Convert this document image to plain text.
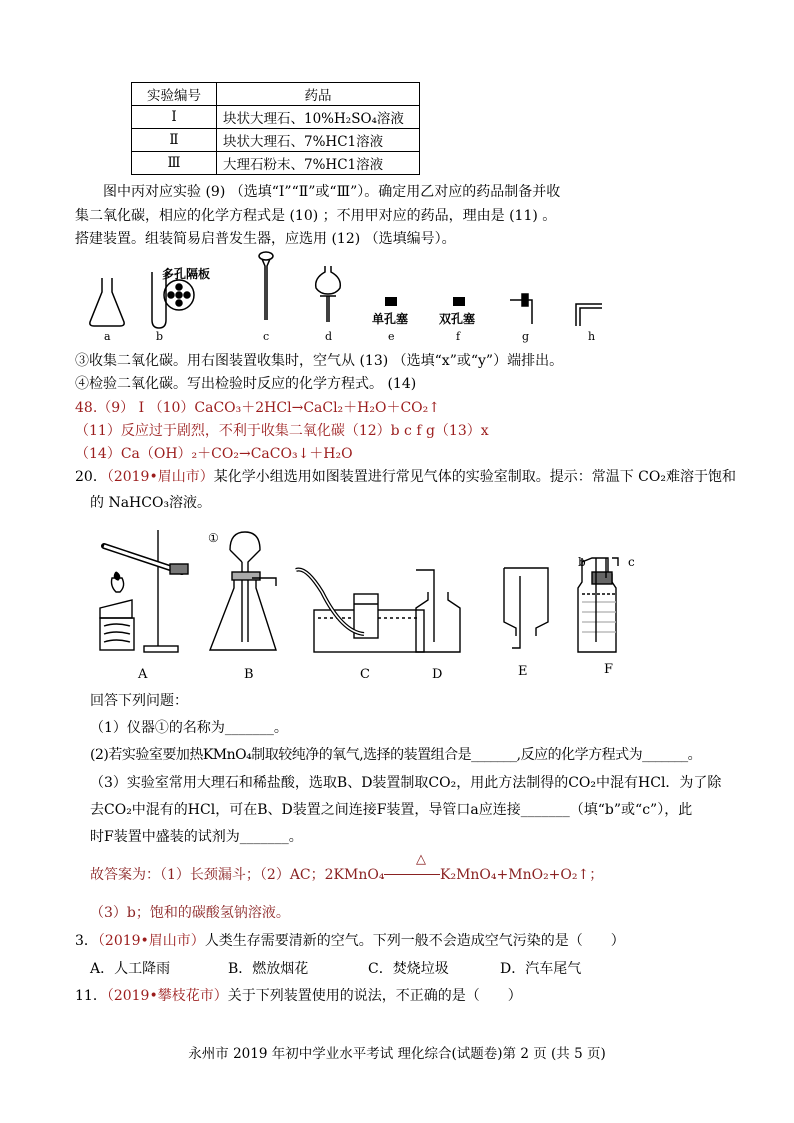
实验编号	药品
Ⅰ	块状大理石、10%H₂SO₄溶液
Ⅱ	块状大理石、7%HC1溶液
Ⅲ	大理石粉末、7%HC1溶液
图中丙对应实验 (9) （选填“Ⅰ”“Ⅱ”或“Ⅲ”）。确定用乙对应的药品制备并收
集二氧化碳，相应的化学方程式是 (10) ；不用甲对应的药品，理由是 (11) 。
搭建装置。组装简易启普发生器，应选用 (12) （选填编号）。
a
多孔隔板
b	c	d
单孔塞
e
双孔塞
f	g	h
③收集二氧化碳。用右图装置收集时，空气从 (13) （选填“x”或“y”）端排出。
④检验二氧化碳。写出检验时反应的化学方程式。 (14)
48.（9） Ⅰ （10）CaCO₃＋2HCl→CaCl₂＋H₂O＋CO₂↑
（11）反应过于剧烈，不利于收集二氧化碳（12）b c f g（13）x
（14）Ca（OH）₂＋CO₂→CaCO₃↓＋H₂O
20．（2019•眉山市）某化学小组选用如图装置进行常见气体的实验室制取。提示：常温下 CO₂难溶于饱和
的 NaHCO₃溶液。
A
①
B	C	D	E
b	c
F
回答下列问题：
（1）仪器①的名称为_______。
(2)若实验室要加热KMnO₄制取较纯净的氧气,选择的装置组合是_______,反应的化学方程式为_______。
（3）实验室常用大理石和稀盐酸，选取B、D装置制取CO₂，用此方法制得的CO₂中混有HCl．为了除
去CO₂中混有的HCl，可在B、D装置之间连接F装置，导管口a应连接_______（填“b”或“c”），此
时F装置中盛装的试剂为_______。
故答案为：（1）长颈漏斗；（2）AC；2KMnO₄
△
K₂MnO₄+MnO₂+O₂↑；
（3）b；饱和的碳酸氢钠溶液。
3．（2019•眉山市）人类生存需要清新的空气。下列一般不会造成空气污染的是（　　）
A．人工降雨	B．燃放烟花	C．焚烧垃圾	D．汽车尾气
11．（2019•攀枝花市）关于下列装置使用的说法，不正确的是（　　）
永州市 2019 年初中学业水平考试 理化综合(试题卷)第 2 页 (共 5 页)
